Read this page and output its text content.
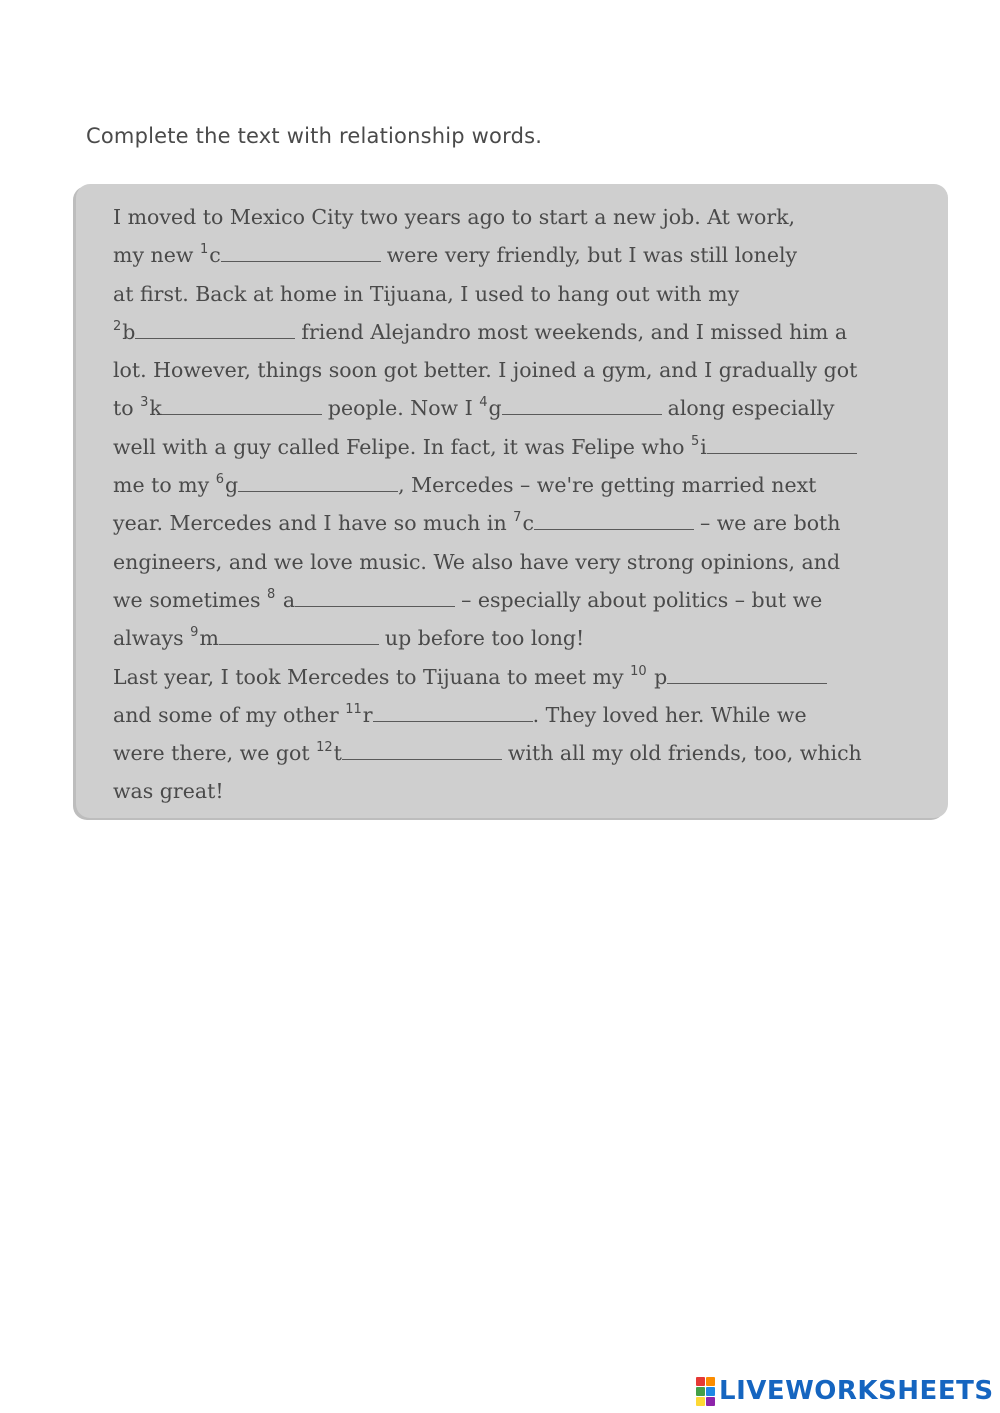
Complete the text with relationship words.
I moved to Mexico City two years ago to start a new job. At work,
my new $^1$c	were very friendly, but I was still lonely
at first. Back at home in Tijuana, I used to hang out with my
$^2$b	friend Alejandro most weekends, and I missed him a
lot. However, things soon got better. I joined a gym, and I gradually got
to $^3$k	people. Now I $^4$g	along especially
well with a guy called Felipe. In fact, it was Felipe who $^5$i
me to my $^6$g	, Mercedes – we're getting married next
year. Mercedes and I have so much in $^7$c	– we are both
engineers, and we love music. We also have very strong opinions, and
we sometimes $^8$ a	– especially about politics – but we
always $^9$m	up before too long!
Last year, I took Mercedes to Tijuana to meet my $^{10}$ p
and some of my other $^{11}$r	. They loved her. While we
were there, we got $^{12}$t	with all my old friends, too, which
was great!
LIVEWORKSHEETS
